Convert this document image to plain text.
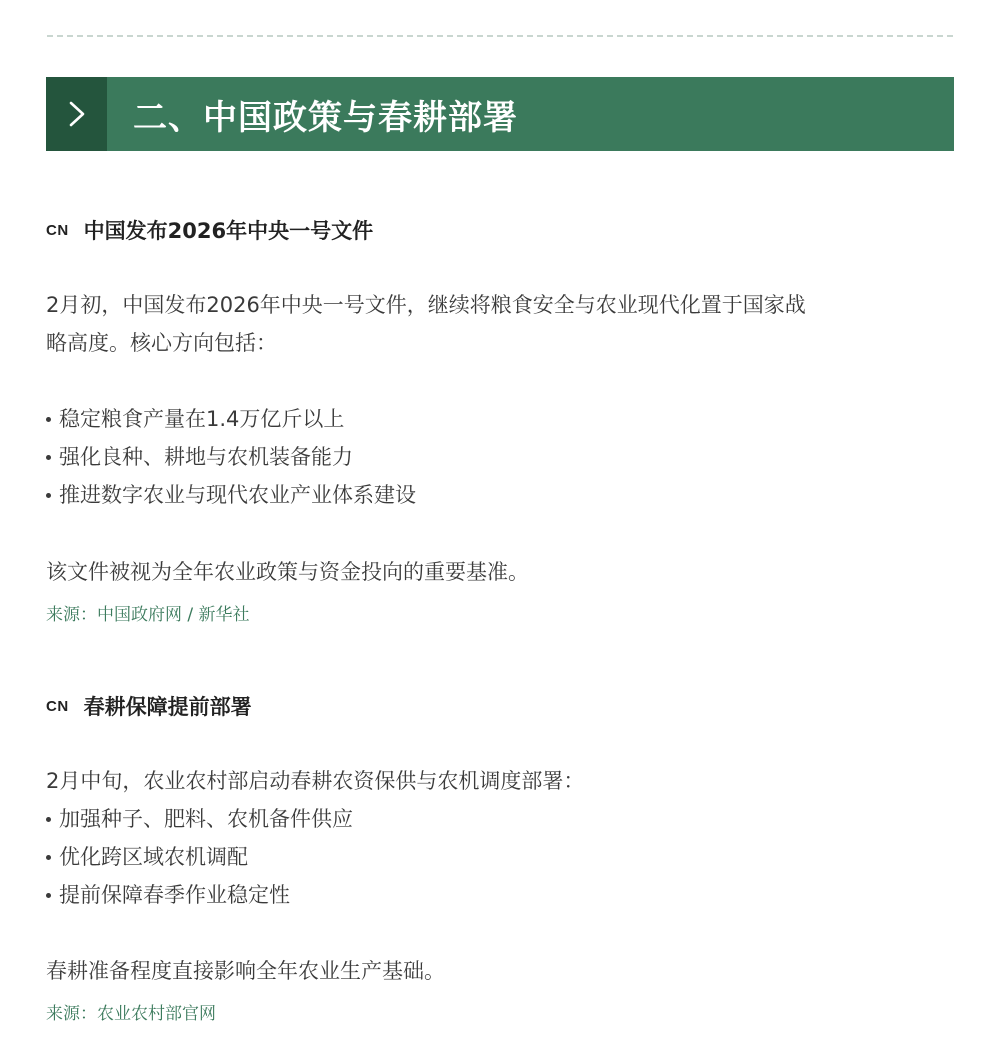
二、中国政策与春耕部署
CN 中国发布2026年中央一号文件

2月初，中国发布2026年中央一号文件，继续将粮食安全与农业现代化置于国家战
略高度。核心方向包括：

稳定粮食产量在1.4万亿斤以上
强化良种、耕地与农机装备能力
推进数字农业与现代农业产业体系建设

该文件被视为全年农业政策与资金投向的重要基准。

来源：中国政府网 / 新华社
CN 春耕保障提前部署

2月中旬，农业农村部启动春耕农资保供与农机调度部署：

加强种子、肥料、农机备件供应
优化跨区域农机调配
提前保障春季作业稳定性

春耕准备程度直接影响全年农业生产基础。

来源：农业农村部官网
